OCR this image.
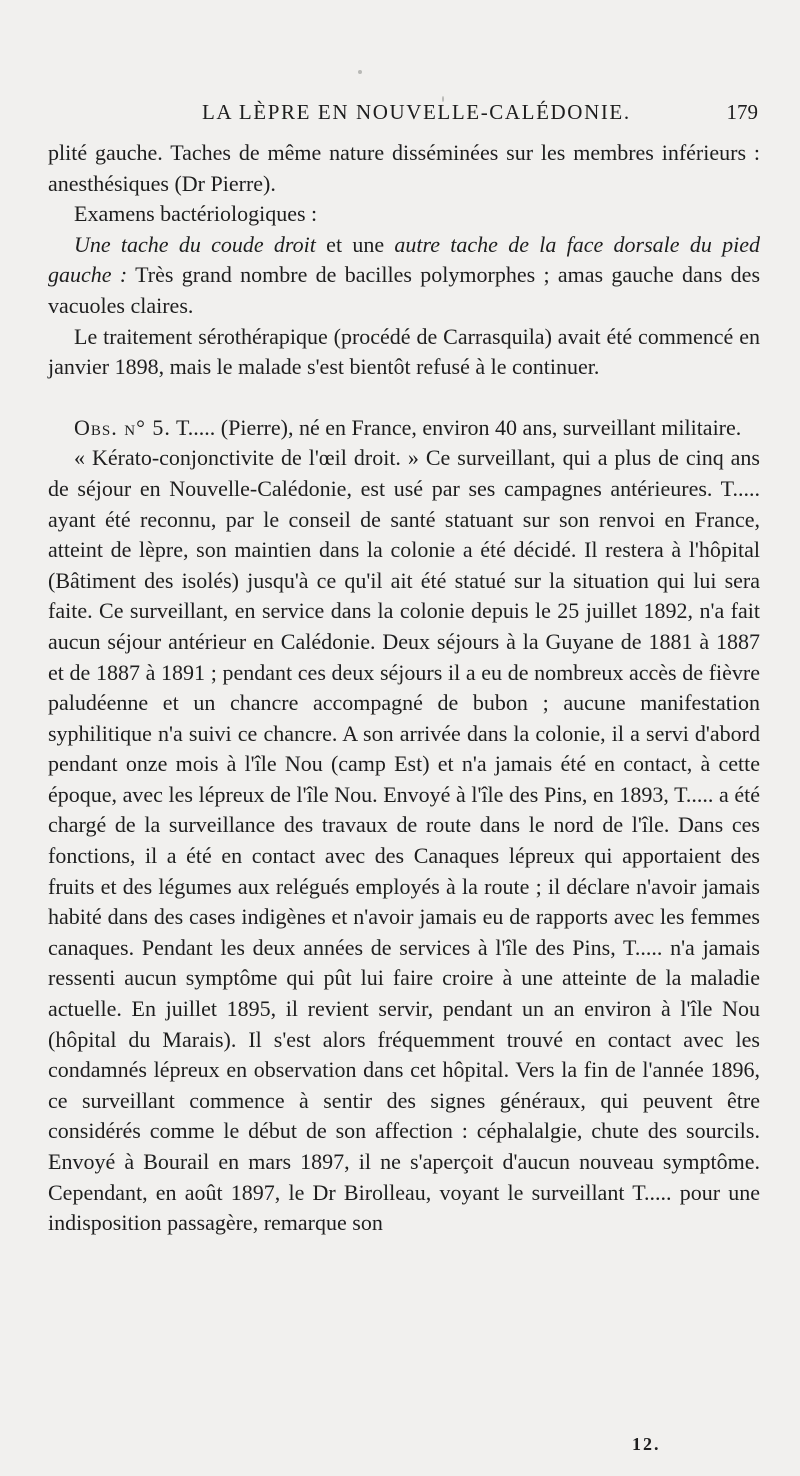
LA LÈPRE EN NOUVELLE-CALÉDONIE.	179

plité gauche. Taches de même nature disséminées sur les membres inférieurs : anesthésiques (Dr Pierre).

Examens bactériologiques :

Une tache du coude droit et une autre tache de la face dorsale du pied gauche : Très grand nombre de bacilles polymorphes ; amas gauche dans des vacuoles claires.

Le traitement sérothérapique (procédé de Carrasquila) avait été commencé en janvier 1898, mais le malade s'est bientôt refusé à le continuer.

Obs. n° 5. T..... (Pierre), né en France, environ 40 ans, surveillant militaire.

« Kérato-conjonctivite de l'œil droit. » Ce surveillant, qui a plus de cinq ans de séjour en Nouvelle-Calédonie, est usé par ses campagnes antérieures. T..... ayant été reconnu, par le conseil de santé statuant sur son renvoi en France, atteint de lèpre, son maintien dans la colonie a été décidé. Il restera à l'hôpital (Bâtiment des isolés) jusqu'à ce qu'il ait été statué sur la situation qui lui sera faite. Ce surveillant, en service dans la colonie depuis le 25 juillet 1892, n'a fait aucun séjour antérieur en Calédonie. Deux séjours à la Guyane de 1881 à 1887 et de 1887 à 1891 ; pendant ces deux séjours il a eu de nombreux accès de fièvre paludéenne et un chancre accompagné de bubon ; aucune manifestation syphilitique n'a suivi ce chancre. A son arrivée dans la colonie, il a servi d'abord pendant onze mois à l'île Nou (camp Est) et n'a jamais été en contact, à cette époque, avec les lépreux de l'île Nou. Envoyé à l'île des Pins, en 1893, T..... a été chargé de la surveillance des travaux de route dans le nord de l'île. Dans ces fonctions, il a été en contact avec des Canaques lépreux qui apportaient des fruits et des légumes aux relégués employés à la route ; il déclare n'avoir jamais habité dans des cases indigènes et n'avoir jamais eu de rapports avec les femmes canaques. Pendant les deux années de services à l'île des Pins, T..... n'a jamais ressenti aucun symptôme qui pût lui faire croire à une atteinte de la maladie actuelle. En juillet 1895, il revient servir, pendant un an environ à l'île Nou (hôpital du Marais). Il s'est alors fréquemment trouvé en contact avec les condamnés lépreux en observation dans cet hôpital. Vers la fin de l'année 1896, ce surveillant commence à sentir des signes généraux, qui peuvent être considérés comme le début de son affection : céphalalgie, chute des sourcils. Envoyé à Bourail en mars 1897, il ne s'aperçoit d'aucun nouveau symptôme. Cependant, en août 1897, le Dr Birolleau, voyant le surveillant T..... pour une indisposition passagère, remarque son

12.
